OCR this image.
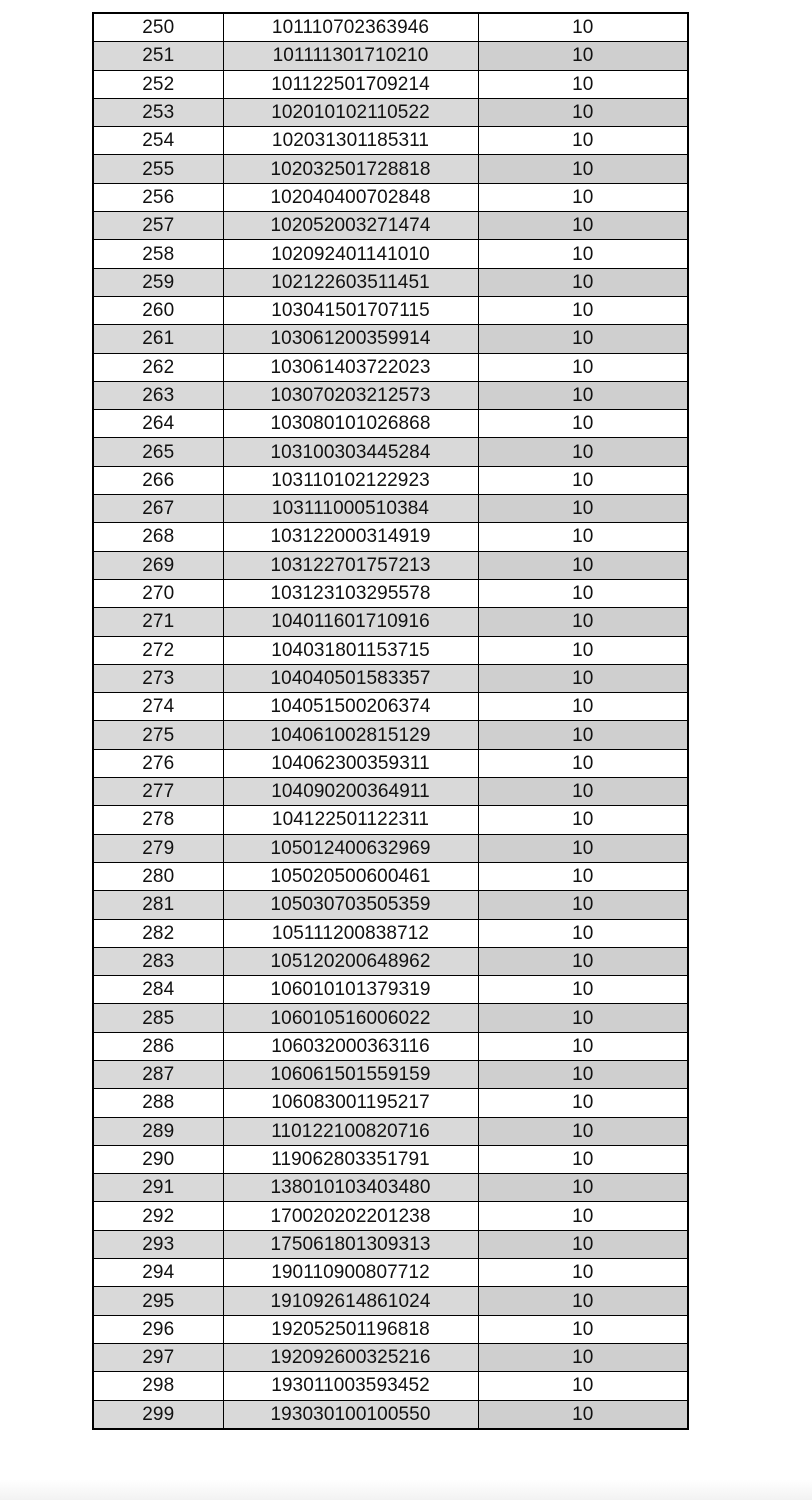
250	101110702363946	10
251	101111301710210	10
252	101122501709214	10
253	102010102110522	10
254	102031301185311	10
255	102032501728818	10
256	102040400702848	10
257	102052003271474	10
258	102092401141010	10
259	102122603511451	10
260	103041501707115	10
261	103061200359914	10
262	103061403722023	10
263	103070203212573	10
264	103080101026868	10
265	103100303445284	10
266	103110102122923	10
267	103111000510384	10
268	103122000314919	10
269	103122701757213	10
270	103123103295578	10
271	104011601710916	10
272	104031801153715	10
273	104040501583357	10
274	104051500206374	10
275	104061002815129	10
276	104062300359311	10
277	104090200364911	10
278	104122501122311	10
279	105012400632969	10
280	105020500600461	10
281	105030703505359	10
282	105111200838712	10
283	105120200648962	10
284	106010101379319	10
285	106010516006022	10
286	106032000363116	10
287	106061501559159	10
288	106083001195217	10
289	110122100820716	10
290	119062803351791	10
291	138010103403480	10
292	170020202201238	10
293	175061801309313	10
294	190110900807712	10
295	191092614861024	10
296	192052501196818	10
297	192092600325216	10
298	193011003593452	10
299	193030100100550	10
